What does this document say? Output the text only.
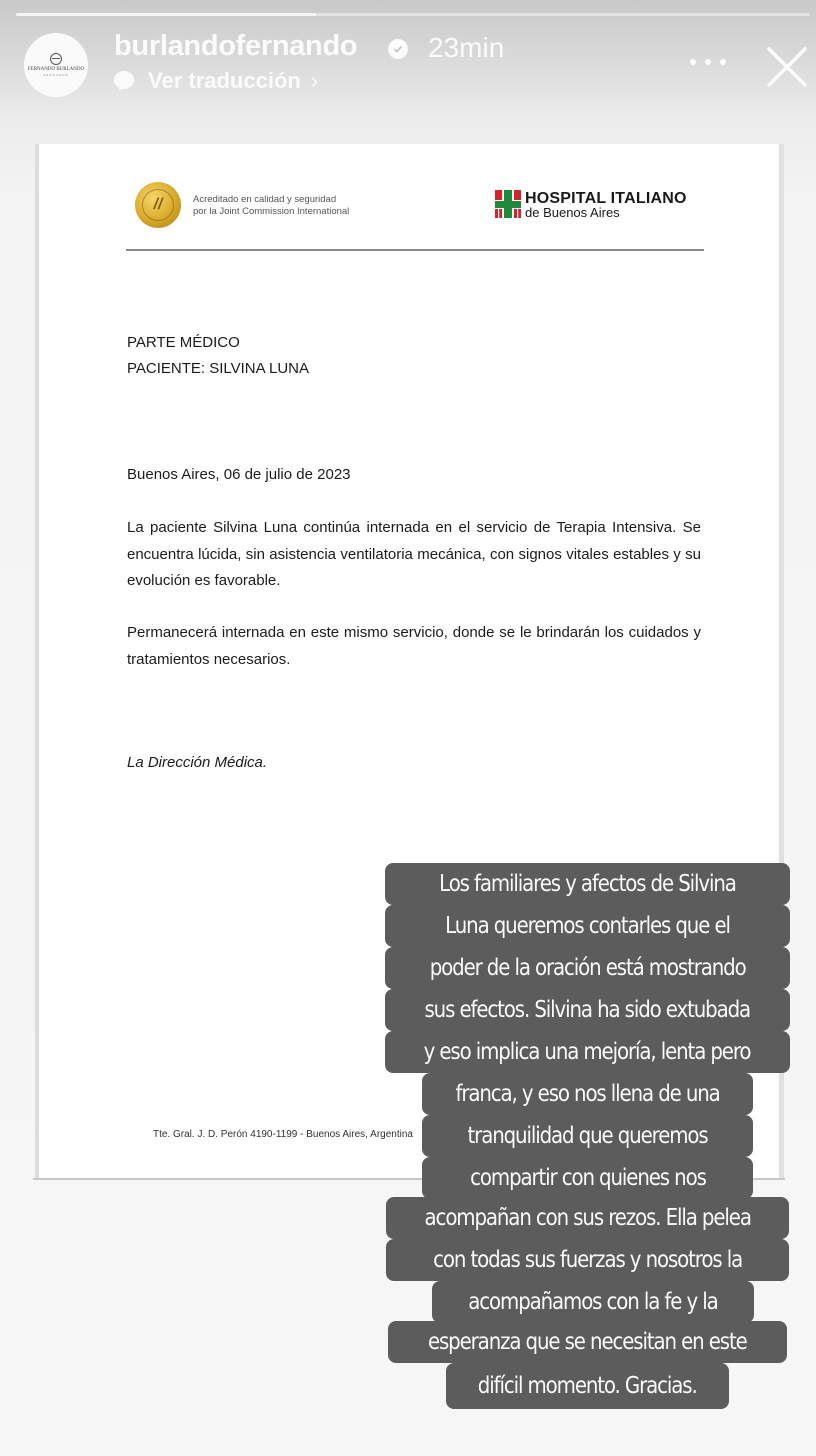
FERNANDO BURLANDO
ABOGADOS
burlandofernando	23min
Ver traducción ›
//	Acreditado en calidad y seguridad
por la Joint Commission International
HOSPITAL ITALIANO
de Buenos Aires
PARTE MÉDICO
PACIENTE: SILVINA LUNA
Buenos Aires, 06 de julio de 2023
La paciente Silvina Luna continúa internada en el servicio de Terapia Intensiva. Se encuentra lúcida, sin asistencia ventilatoria mecánica, con signos vitales estables y su evolución es favorable.
Permanecerá internada en este mismo servicio, donde se le brindarán los cuidados y tratamientos necesarios.
La Dirección Médica.
Tte. Gral. J. D. Perón 4190-1199 - Buenos Aires, Argentina
Los familiares y afectos de Silvina
Luna queremos contarles que el
poder de la oración está mostrando
sus efectos. Silvina ha sido extubada
y eso implica una mejoría, lenta pero
franca, y eso nos llena de una
tranquilidad que queremos
compartir con quienes nos
acompañan con sus rezos. Ella pelea
con todas sus fuerzas y nosotros la
acompañamos con la fe y la
esperanza que se necesitan en este
difícil momento. Gracias.
